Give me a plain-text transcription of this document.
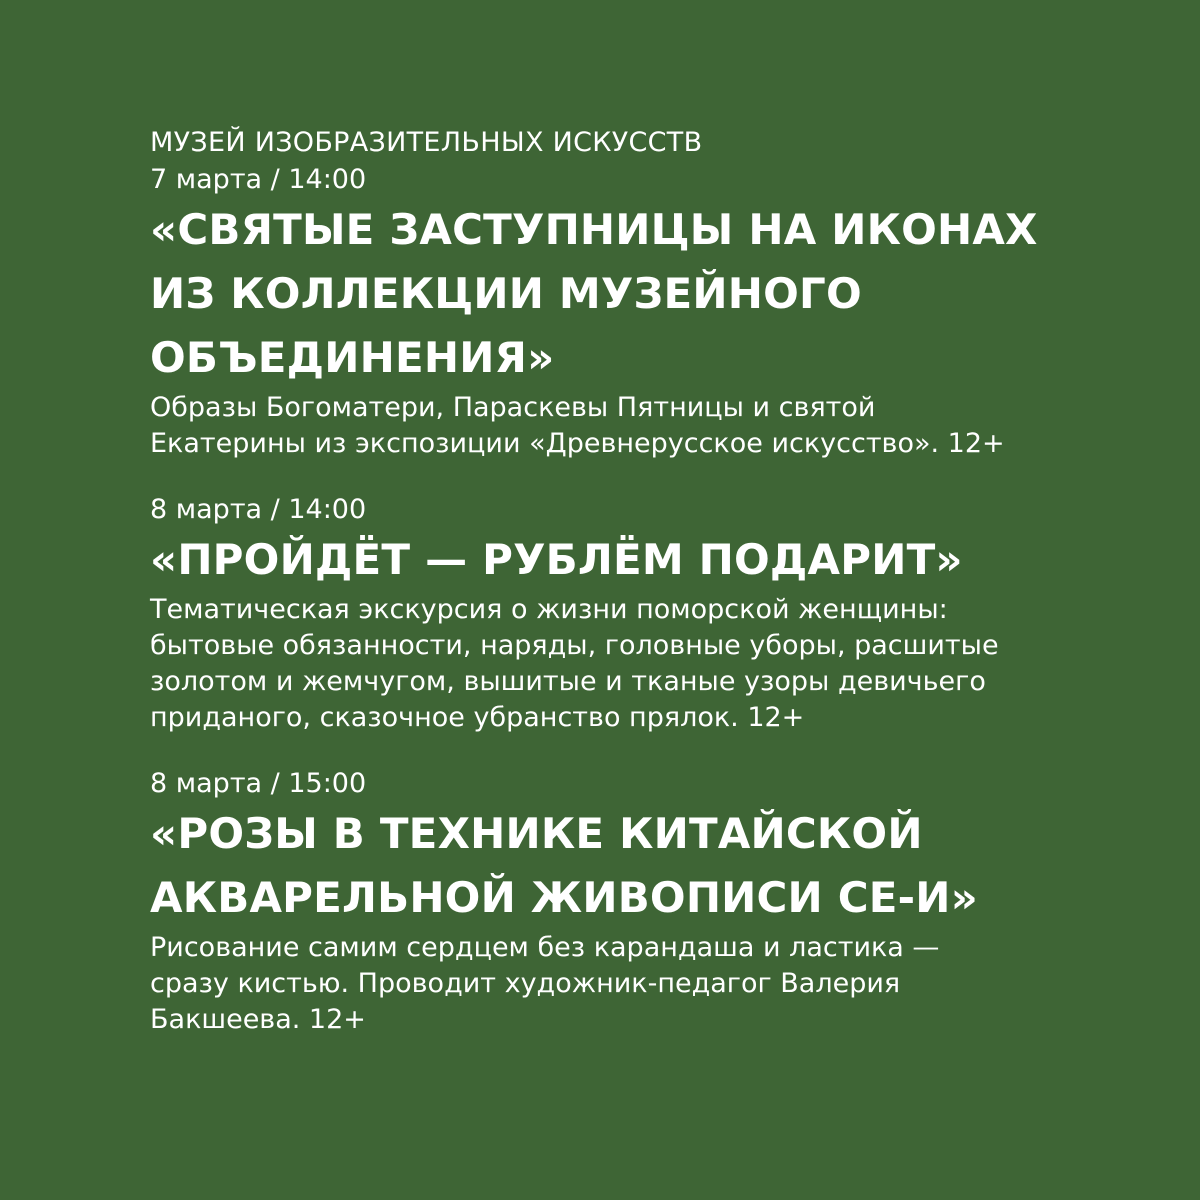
МУЗЕЙ ИЗОБРАЗИТЕЛЬНЫХ ИСКУССТВ

7 марта / 14:00

«СВЯТЫЕ ЗАСТУПНИЦЫ НА ИКОНАХ
ИЗ КОЛЛЕКЦИИ МУЗЕЙНОГО
ОБЪЕДИНЕНИЯ»

Образы Богоматери, Параскевы Пятницы и святой
Екатерины из экспозиции «Древнерусское искусство». 12+

8 марта / 14:00

«ПРОЙДЁТ — РУБЛЁМ ПОДАРИТ»

Тематическая экскурсия о жизни поморской женщины:
бытовые обязанности, наряды, головные уборы, расшитые
золотом и жемчугом, вышитые и тканые узоры девичьего
приданого, сказочное убранство прялок. 12+

8 марта / 15:00

«РОЗЫ В ТЕХНИКЕ КИТАЙСКОЙ
АКВАРЕЛЬНОЙ ЖИВОПИСИ СЕ-И»

Рисование самим сердцем без карандаша и ластика —
сразу кистью. Проводит художник-педагог Валерия
Бакшеева. 12+
